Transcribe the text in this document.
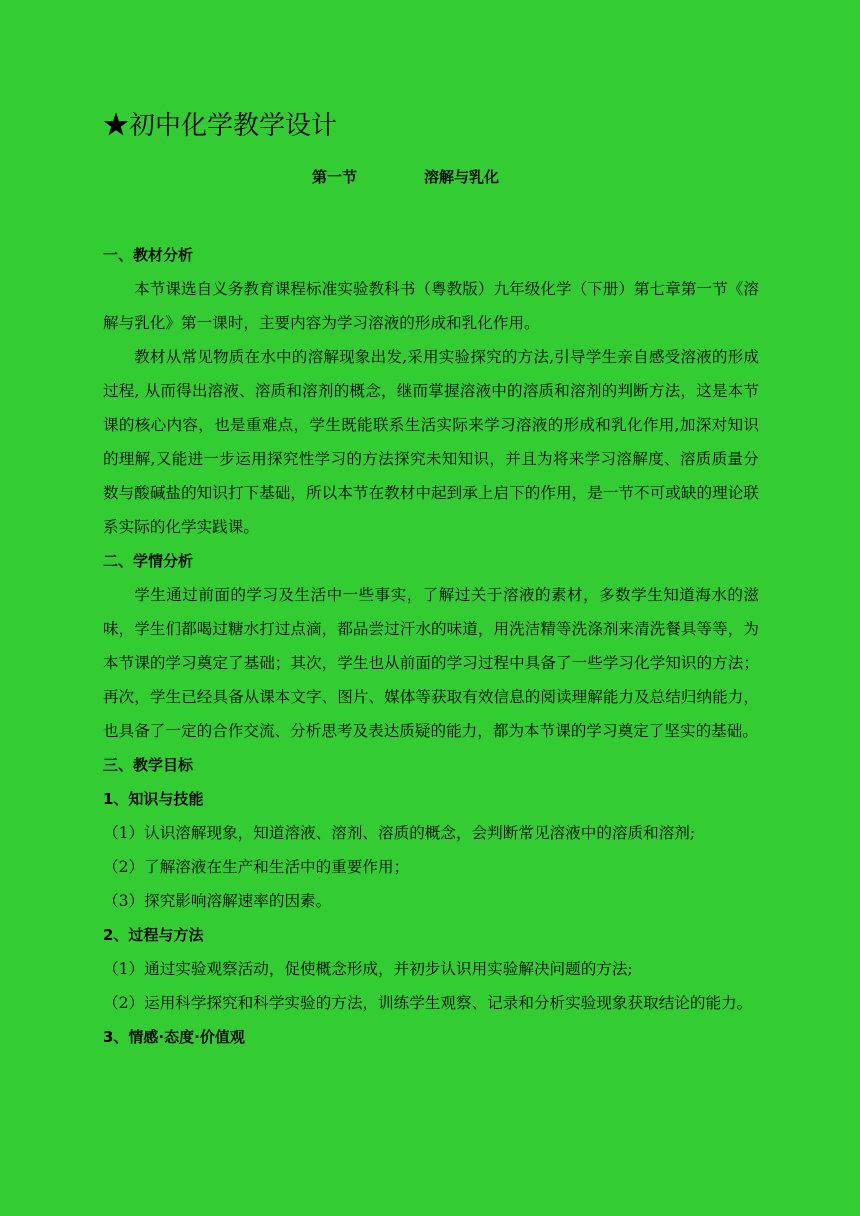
★初中化学教学设计
第一节	溶解与乳化
一、教材分析

本节课选自义务教育课程标准实验教科书（粤教版）九年级化学（下册）第七章第一节《溶解与乳化》第一课时，主要内容为学习溶液的形成和乳化作用。

教材从常见物质在水中的溶解现象出发,采用实验探究的方法,引导学生亲自感受溶液的形成过程, 从而得出溶液、溶质和溶剂的概念，继而掌握溶液中的溶质和溶剂的判断方法，这是本节课的核心内容，也是重难点，学生既能联系生活实际来学习溶液的形成和乳化作用,加深对知识的理解,又能进一步运用探究性学习的方法探究未知知识，并且为将来学习溶解度、溶质质量分数与酸碱盐的知识打下基础，所以本节在教材中起到承上启下的作用，是一节不可或缺的理论联系实际的化学实践课。

二、学情分析

学生通过前面的学习及生活中一些事实，了解过关于溶液的素材，多数学生知道海水的滋味，学生们都喝过糖水打过点滴，都品尝过汗水的味道，用洗洁精等洗涤剂来清洗餐具等等，为本节课的学习奠定了基础；其次，学生也从前面的学习过程中具备了一些学习化学知识的方法；再次，学生已经具备从课本文字、图片、媒体等获取有效信息的阅读理解能力及总结归纳能力，也具备了一定的合作交流、分析思考及表达质疑的能力，都为本节课的学习奠定了坚实的基础。

三、教学目标
1、知识与技能

（1）认识溶解现象，知道溶液、溶剂、溶质的概念，会判断常见溶液中的溶质和溶剂;

（2）了解溶液在生产和生活中的重要作用；

（3）探究影响溶解速率的因素。

2、过程与方法

（1）通过实验观察活动，促使概念形成，并初步认识用实验解决问题的方法;

（2）运用科学探究和科学实验的方法，训练学生观察、记录和分析实验现象获取结论的能力。

3、情感·态度·价值观
